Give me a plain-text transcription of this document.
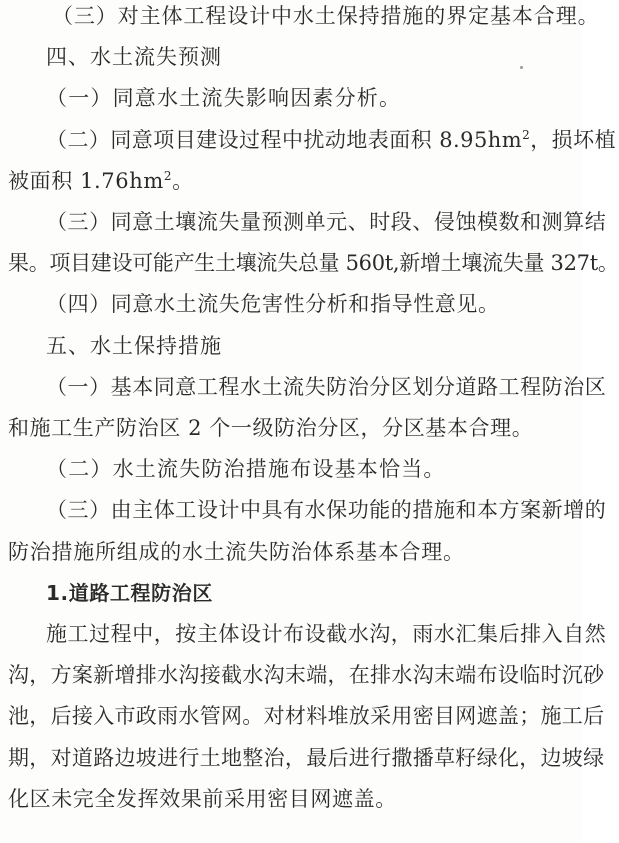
（三）对主体工程设计中水土保持措施的界定基本合理。
四、水土流失预测
（一）同意水土流失影响因素分析。
（二）同意项目建设过程中扰动地表面积 $8.95hm^2$，损坏植
被面积 $1.76hm^2$。
（三）同意土壤流失量预测单元、时段、侵蚀模数和测算结
果。项目建设可能产生土壤流失总量 560t,新增土壤流失量 327t。
（四）同意水土流失危害性分析和指导性意见。
五、水土保持措施
（一）基本同意工程水土流失防治分区划分道路工程防治区
和施工生产防治区 2 个一级防治分区，分区基本合理。
（二）水土流失防治措施布设基本恰当。
（三）由主体工设计中具有水保功能的措施和本方案新增的
防治措施所组成的水土流失防治体系基本合理。
1.道路工程防治区
施工过程中，按主体设计布设截水沟，雨水汇集后排入自然
沟，方案新增排水沟接截水沟末端，在排水沟末端布设临时沉砂
池，后接入市政雨水管网。对材料堆放采用密目网遮盖；施工后
期，对道路边坡进行土地整治，最后进行撒播草籽绿化，边坡绿
化区未完全发挥效果前采用密目网遮盖。
